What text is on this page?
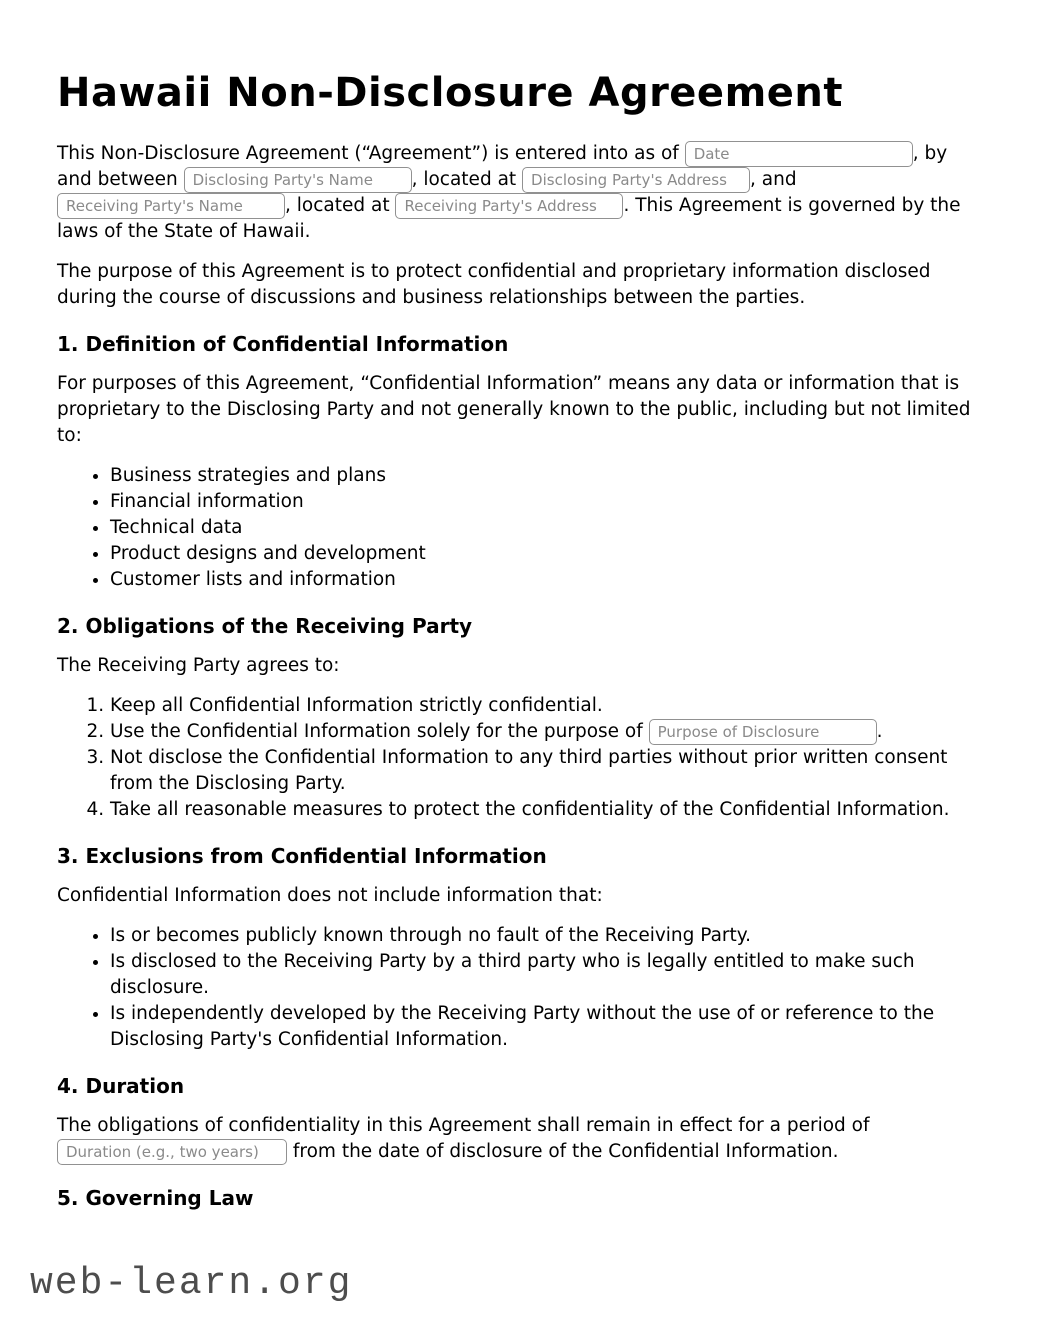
Hawaii Non-Disclosure Agreement

This Non-Disclosure Agreement (“Agreement”) is entered into as of Date	, by and between Disclosing Party's Name	, located at Disclosing Party's Address	, and Receiving Party's Name, located at Receiving Party's Address	. This Agreement is governed by the laws of the State of Hawaii.

The purpose of this Agreement is to protect confidential and proprietary information disclosed during the course of discussions and business relationships between the parties.

1. Definition of Confidential Information

For purposes of this Agreement, “Confidential Information” means any data or information that is proprietary to the Disclosing Party and not generally known to the public, including but not limited to:

• Business strategies and plans
• Financial information
• Technical data
• Product designs and development
• Customer lists and information
2. Obligations of the Receiving Party

The Receiving Party agrees to:

1. Keep all Confidential Information strictly confidential.
2. Use the Confidential Information solely for the purpose of Purpose of Disclosure	.
3. Not disclose the Confidential Information to any third parties without prior written consent from the Disclosing Party.
4. Take all reasonable measures to protect the confidentiality of the Confidential Information.
3. Exclusions from Confidential Information

Confidential Information does not include information that:

• Is or becomes publicly known through no fault of the Receiving Party.
• Is disclosed to the Receiving Party by a third party who is legally entitled to make such disclosure.
• Is independently developed by the Receiving Party without the use of or reference to the Disclosing Party's Confidential Information.
4. Duration

The obligations of confidentiality in this Agreement shall remain in effect for a period of Duration (e.g., two years) from the date of disclosure of the Confidential Information.

5. Governing Law
web-learn.org
